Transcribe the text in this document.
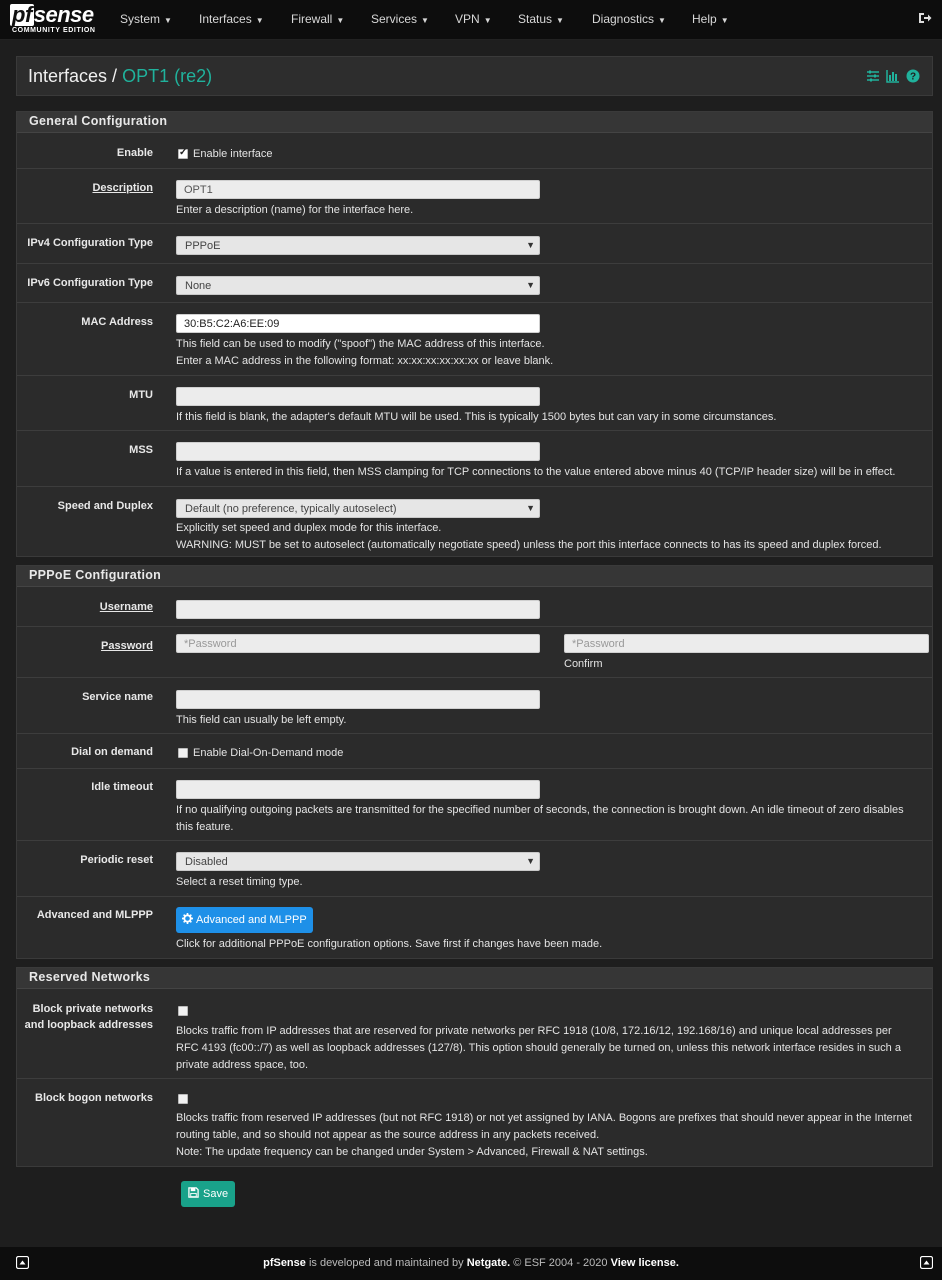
pfsense
COMMUNITY EDITION
System ▼ Interfaces ▼ Firewall ▼ Services ▼ VPN ▼ Status ▼ Diagnostics ▼ Help ▼
Interfaces / OPT1 (re2)	?
General Configuration
Enable
✓	Enable interface
Description	OPT1
Enter a description (name) for the interface here.
IPv4 Configuration Type	PPPoE	▼
IPv6 Configuration Type	None	▼
MAC Address	30:B5:C2:A6:EE:09
This field can be used to modify ("spoof") the MAC address of this interface.
Enter a MAC address in the following format: xx:xx:xx:xx:xx:xx or leave blank.
MTU
If this field is blank, the adapter's default MTU will be used. This is typically 1500 bytes but can vary in some circumstances.
MSS
If a value is entered in this field, then MSS clamping for TCP connections to the value entered above minus 40 (TCP/IP header size) will be in effect.
Speed and Duplex	Default (no preference, typically autoselect)	▼
Explicitly set speed and duplex mode for this interface.
WARNING: MUST be set to autoselect (automatically negotiate speed) unless the port this interface connects to has its speed and duplex forced.
PPPoE Configuration
Username
Password	*Password	*Password
Confirm
Service name
This field can usually be left empty.
Dial on demand	Enable Dial-On-Demand mode
Idle timeout
If no qualifying outgoing packets are transmitted for the specified number of seconds, the connection is brought down. An idle timeout of zero disables
this feature.
Periodic reset	Disabled	▼
Select a reset timing type.
Advanced and MLPPP	Advanced and MLPPP
Click for additional PPPoE configuration options. Save first if changes have been made.
Reserved Networks
Block private networks
and loopback addresses Blocks traffic from IP addresses that are reserved for private networks per RFC 1918 (10/8, 172.16/12, 192.168/16) and unique local addresses per
RFC 4193 (fc00::/7) as well as loopback addresses (127/8). This option should generally be turned on, unless this network interface resides in such a
private address space, too.
Block bogon networks
Blocks traffic from reserved IP addresses (but not RFC 1918) or not yet assigned by IANA. Bogons are prefixes that should never appear in the Internet
routing table, and so should not appear as the source address in any packets received.
Note: The update frequency can be changed under System > Advanced, Firewall & NAT settings.
Save
pfSense is developed and maintained by Netgate. © ESF 2004 - 2020 View license.
